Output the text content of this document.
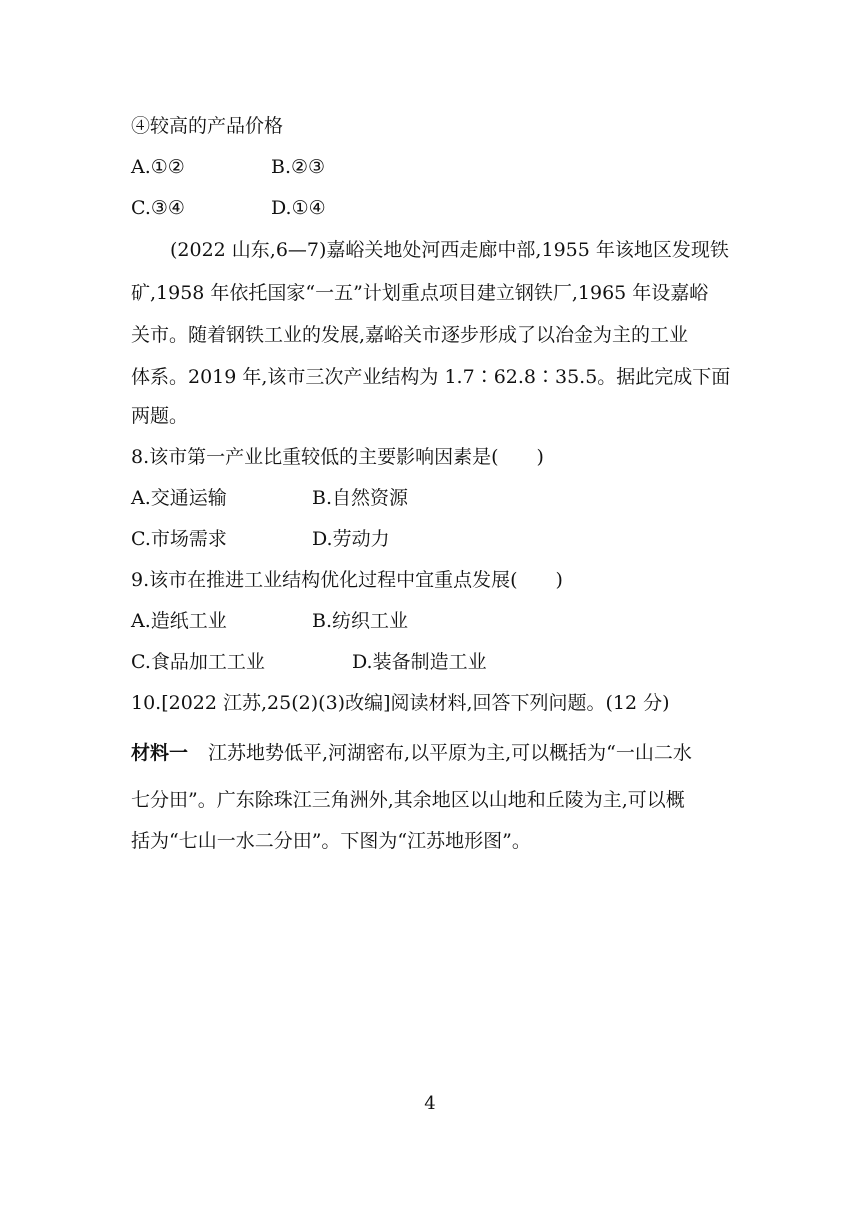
④较高的产品价格
A.①②	B.②③
C.③④	D.①④
(2022 山东,6—7)嘉峪关地处河西走廊中部,1955 年该地区发现铁
矿,1958 年依托国家“一五”计划重点项目建立钢铁厂,1965 年设嘉峪
关市。随着钢铁工业的发展,嘉峪关市逐步形成了以冶金为主的工业
体系。2019 年,该市三次产业结构为 1.7∶62.8∶35.5。据此完成下面
两题。
8.该市第一产业比重较低的主要影响因素是(　　)
A.交通运输	B.自然资源
C.市场需求	D.劳动力
9.该市在推进工业结构优化过程中宜重点发展(　　)
A.造纸工业	B.纺织工业
C.食品加工工业	D.装备制造工业
10.[2022 江苏,25(2)(3)改编]阅读材料,回答下列问题。(12 分)
材料一 江苏地势低平,河湖密布,以平原为主,可以概括为“一山二水
七分田”。广东除珠江三角洲外,其余地区以山地和丘陵为主,可以概
括为“七山一水二分田”。下图为“江苏地形图”。
4
